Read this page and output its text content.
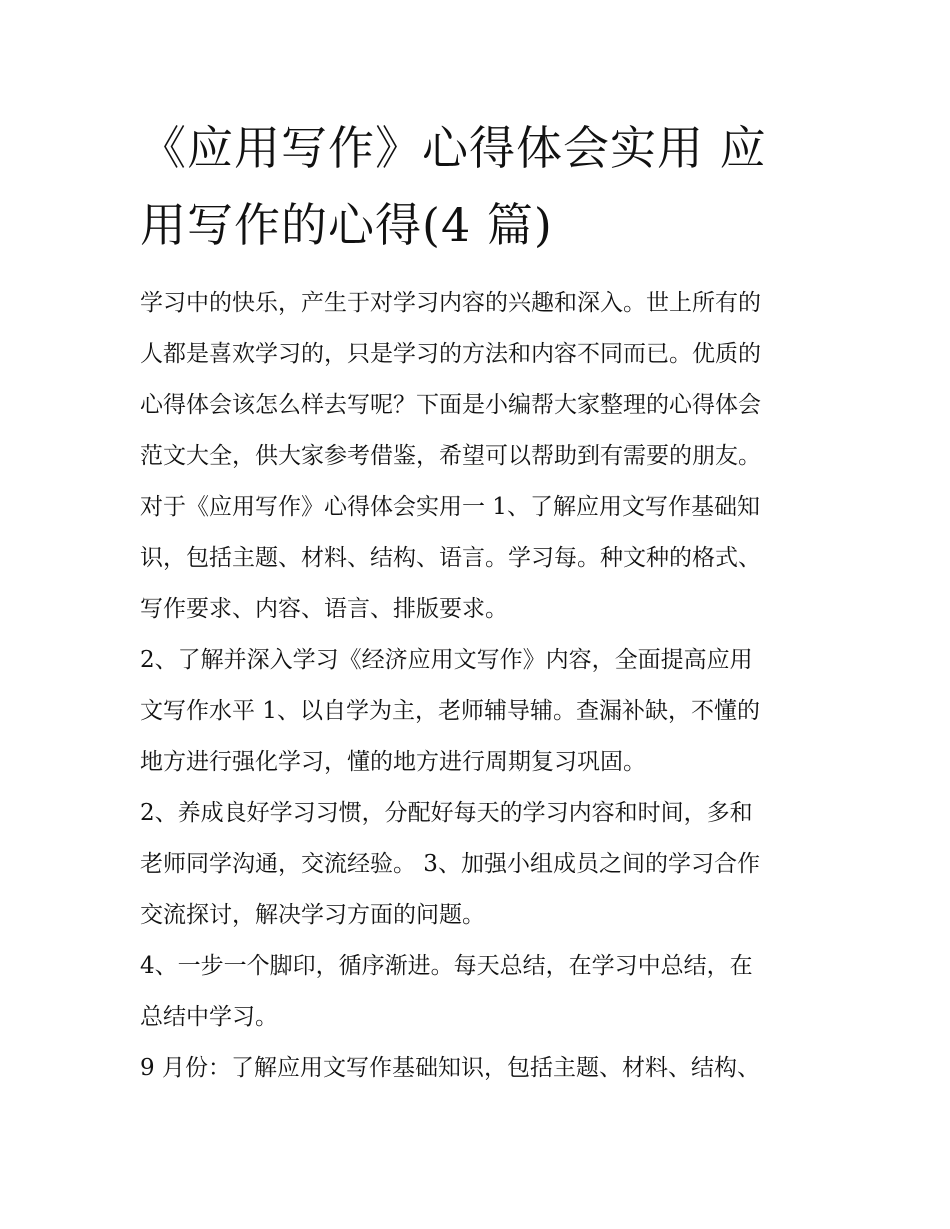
《应用写作》心得体会实用 应
用写作的心得(4 篇)
学习中的快乐，产生于对学习内容的兴趣和深入。世上所有的
人都是喜欢学习的，只是学习的方法和内容不同而已。优质的
心得体会该怎么样去写呢？下面是小编帮大家整理的心得体会
范文大全，供大家参考借鉴，希望可以帮助到有需要的朋友。
对于《应用写作》心得体会实用一 1、了解应用文写作基础知
识，包括主题、材料、结构、语言。学习每。种文种的格式、
写作要求、内容、语言、排版要求。
2、了解并深入学习《经济应用文写作》内容，全面提高应用
文写作水平 1、以自学为主，老师辅导辅。查漏补缺，不懂的
地方进行强化学习，懂的地方进行周期复习巩固。
2、养成良好学习习惯，分配好每天的学习内容和时间，多和
老师同学沟通，交流经验。 3、加强小组成员之间的学习合作
交流探讨，解决学习方面的问题。
4、一步一个脚印，循序渐进。每天总结，在学习中总结，在
总结中学习。
9 月份：了解应用文写作基础知识，包括主题、材料、结构、
